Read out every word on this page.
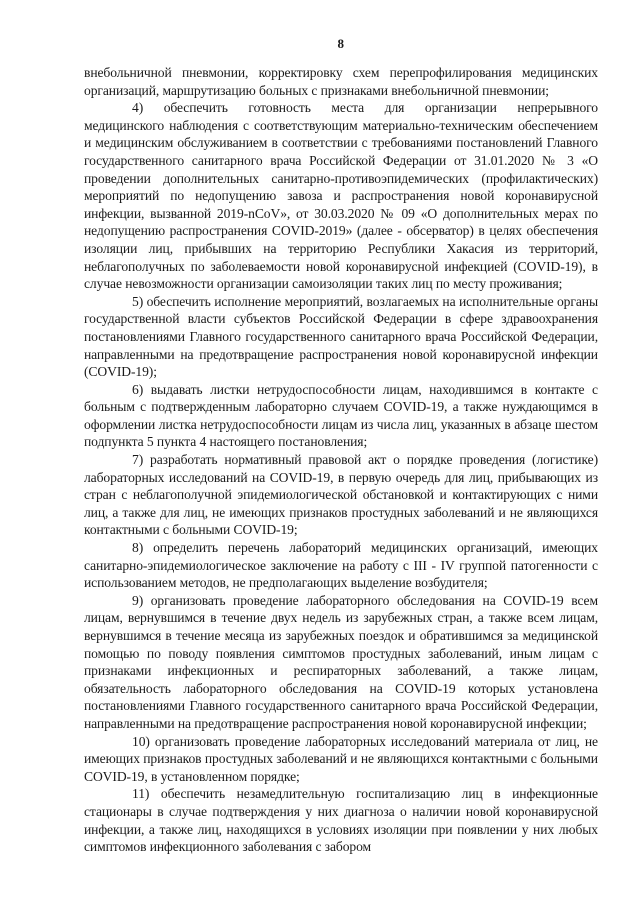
8

внебольничной пневмонии, корректировку схем перепрофилирования медицинских организаций, маршрутизацию больных с признаками внебольничной пневмонии;

4)   обеспечить   готовность   места   для   организации   непрерывного медицинского наблюдения с соответствующим материально-техническим обеспечением и медицинским обслуживанием в соответствии с требованиями постановлений Главного государственного санитарного врача Российской Федерации от 31.01.2020 № 3 «О проведении дополнительных санитарно-противоэпидемических (профилактических) мероприятий по недопущению завоза и распространения новой коронавирусной инфекции, вызванной 2019-nCoV», от 30.03.2020 № 09 «О дополнительных мерах по недопущению распространения COVID-2019» (далее - обсерватор) в целях обеспечения изоляции лиц, прибывших на территорию Республики Хакасия из территорий, неблагополучных по заболеваемости новой коронавирусной инфекцией (COVID-19), в случае невозможности организации самоизоляции таких лиц по месту проживания;

5) обеспечить исполнение мероприятий, возлагаемых на исполнительные органы государственной власти субъектов Российской Федерации в сфере здравоохранения постановлениями Главного государственного санитарного врача Российской Федерации, направленными на предотвращение распространения новой коронавирусной инфекции (COVID-19);

6) выдавать листки нетрудоспособности лицам, находившимся в контакте с больным с подтвержденным лабораторно случаем COVID-19, а также нуждающимся в оформлении листка нетрудоспособности лицам из числа лиц, указанных в абзаце шестом подпункта 5 пункта 4 настоящего постановления;

7) разработать нормативный правовой акт о порядке проведения (логистике) лабораторных исследований на COVID-19, в первую очередь для лиц, прибывающих из стран с неблагополучной эпидемиологической обстановкой и контактирующих с ними лиц, а также для лиц, не имеющих признаков простудных заболеваний и не являющихся контактными с больными COVID-19;

8) определить перечень лабораторий медицинских организаций, имеющих санитарно-эпидемиологическое заключение на работу с III - IV группой патогенности с использованием методов, не предполагающих выделение возбудителя;

9) организовать проведение лабораторного обследования на COVID-19 всем лицам, вернувшимся в течение двух недель из зарубежных стран, а также всем лицам, вернувшимся в течение месяца из зарубежных поездок и обратившимся за медицинской помощью по поводу появления симптомов простудных заболеваний, иным лицам с признаками инфекционных и респираторных заболеваний, а также лицам, обязательность лабораторного обследования на COVID-19 которых установлена постановлениями Главного государственного санитарного врача Российской Федерации, направленными на предотвращение распространения новой коронавирусной инфекции;

10) организовать проведение лабораторных исследований материала от лиц, не имеющих признаков простудных заболеваний и не являющихся контактными с больными COVID-19, в установленном порядке;

11) обеспечить незамедлительную госпитализацию лиц в инфекционные стационары в случае подтверждения у них диагноза о наличии новой коронавирусной инфекции, а также лиц, находящихся в условиях изоляции при появлении у них любых симптомов инфекционного заболевания с забором
